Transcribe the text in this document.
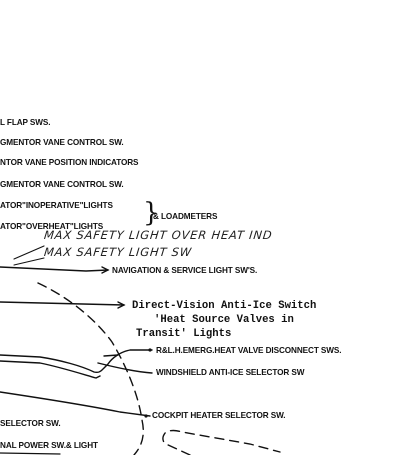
L FLAP SWS.
GMENTOR VANE CONTROL SW.
NTOR VANE POSITION INDICATORS
GMENTOR VANE CONTROL SW.
ATOR"INOPERATIVE"LIGHTS
ATOR"OVERHEAT"LIGHTS }
& LOADMETERS
MAX SAFETY LIGHT OVER HEAT IND
MAX SAFETY LIGHT SW
NAVIGATION & SERVICE LIGHT SW'S.
Direct-Vision Anti-Ice Switch
'Heat Source Valves in
Transit' Lights
R&L.H.EMERG.HEAT VALVE DISCONNECT SWS.
WINDSHIELD ANTI-ICE SELECTOR SW
COCKPIT HEATER SELECTOR SW.
SELECTOR SW.
NAL POWER SW.& LIGHT
